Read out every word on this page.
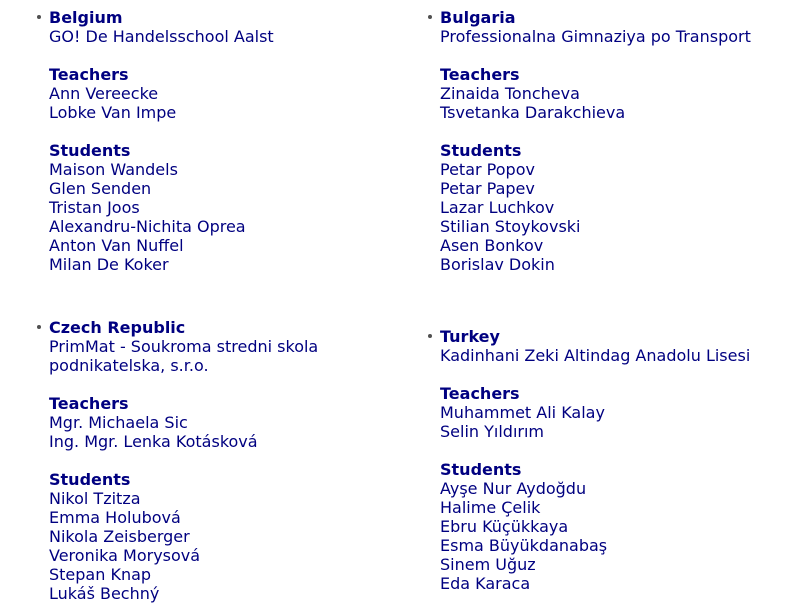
Belgium
GO! De Handelsschool Aalst
Teachers
Ann Vereecke
Lobke Van Impe
Students
Maison Wandels
Glen Senden
Tristan Joos
Alexandru-Nichita Oprea
Anton Van Nuffel
Milan De Koker
Bulgaria
Professionalna Gimnaziya po Transport
Teachers
Zinaida Toncheva
Tsvetanka Darakchieva
Students
Petar Popov
Petar Papev
Lazar Luchkov
Stilian Stoykovski
Asen Bonkov
Borislav Dokin
Czech Republic
PrimMat - Soukroma stredni skola
podnikatelska, s.r.o.
Teachers
Mgr. Michaela Sic
Ing. Mgr. Lenka Kotásková
Students
Nikol Tzitza
Emma Holubová
Nikola Zeisberger
Veronika Morysová
Stepan Knap
Lukáš Bechný
Turkey
Kadinhani Zeki Altindag Anadolu Lisesi
Teachers
Muhammet Ali Kalay
Selin Yıldırım
Students
Ayşe Nur Aydoğdu
Halime Çelik
Ebru Küçükkaya
Esma Büyükdanabaş
Sinem Uğuz
Eda Karaca
